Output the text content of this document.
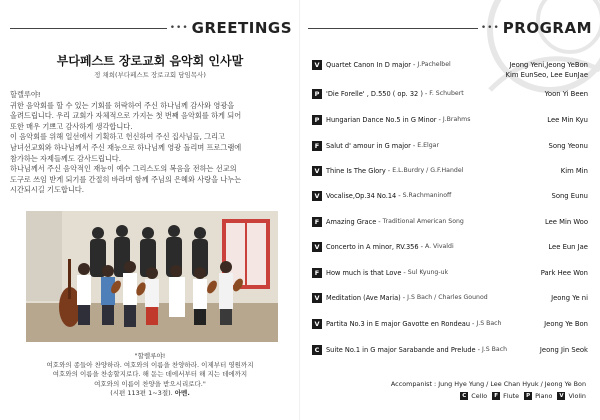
••• GREETINGS
부다페스트 장로교회 음악회 인사말
정 채희(부다페스트 장로교회 담임목사)

할렐루야!

귀한 음악회를 할 수 있는 기회를 허락하여 주신 하나님께 감사와 영광을

올려드립니다. 우리 교회가 자체적으로 가지는 첫 번째 음악회를 하게 되어

또한 매우 기쁘고 감사하게 생각합니다.

이 음악회를 위해 일선에서 기획하고 헌신하여 주신 집사님들, 그리고

남녀선교회와 하나님께서 주신 재능으로 하나님께 영광 돌리며 프로그램에

참가하는 자제들께도 감사드립니다.

하나님께서 주신 음악적인 재능이 예수 그리스도의 복음을 전하는 선교의

도구로 쓰임 받게 되기를 간절히 바라며 함께 주님의 은혜와 사랑을 나누는

시간되시길 기도합니다.

"할렐루야!
여호와의 종들아 찬양하라. 여호와의 이름을 찬양하라. 이제부터 영원까지
여호와의 이름을 찬송할지로다. 해 돋는 데에서부터 해 지는 데에까지
여호와의 이름이 찬양을 받으시리로다."
(시편 113편 1~3절). 아멘.
••• PROGRAM
V Quartet Canon In D major - J.Pachelbel	Jeong Yeni,Jeong YeBon
Kim EunSeo, Lee EunJae
P	'Die Forelle' , D.550 ( op. 32 ) - F. Schubert	Yoon Yi Been
P	Hungarian Dance No.5 in G Minor - J.Brahms	Lee Min Kyu
F	Salut d' amour in G major - E.Elgar	Song Yeonu
V Thine Is The Glory - E.L.Burdry / G.F.Handel	Kim Min
V Vocalise,Op.34 No.14 - S.Rachmaninoff	Song Eunu
F	Amazing Grace - Traditional American Song	Lee Min Woo
V Concerto in A minor, RV.356 - A. Vivaldi	Lee Eun Jae
F	How much is that Love - Sul Kyung-uk	Park Hee Won
V Meditation (Ave Maria) - J.S Bach / Charles Gounod	Jeong Ye ni
V Partita No.3 in E major Gavotte en Rondeau - J.S Bach	Jeong Ye Bon
C	Suite No.1 in G major Sarabande and Prelude - J.S Bach	Jeong Jin Seok
Accompanist : Jung Hye Yung / Lee Chan Hyuk / Jeong Ye Bon
C Cello	F Flute	P Piano	V Violin
